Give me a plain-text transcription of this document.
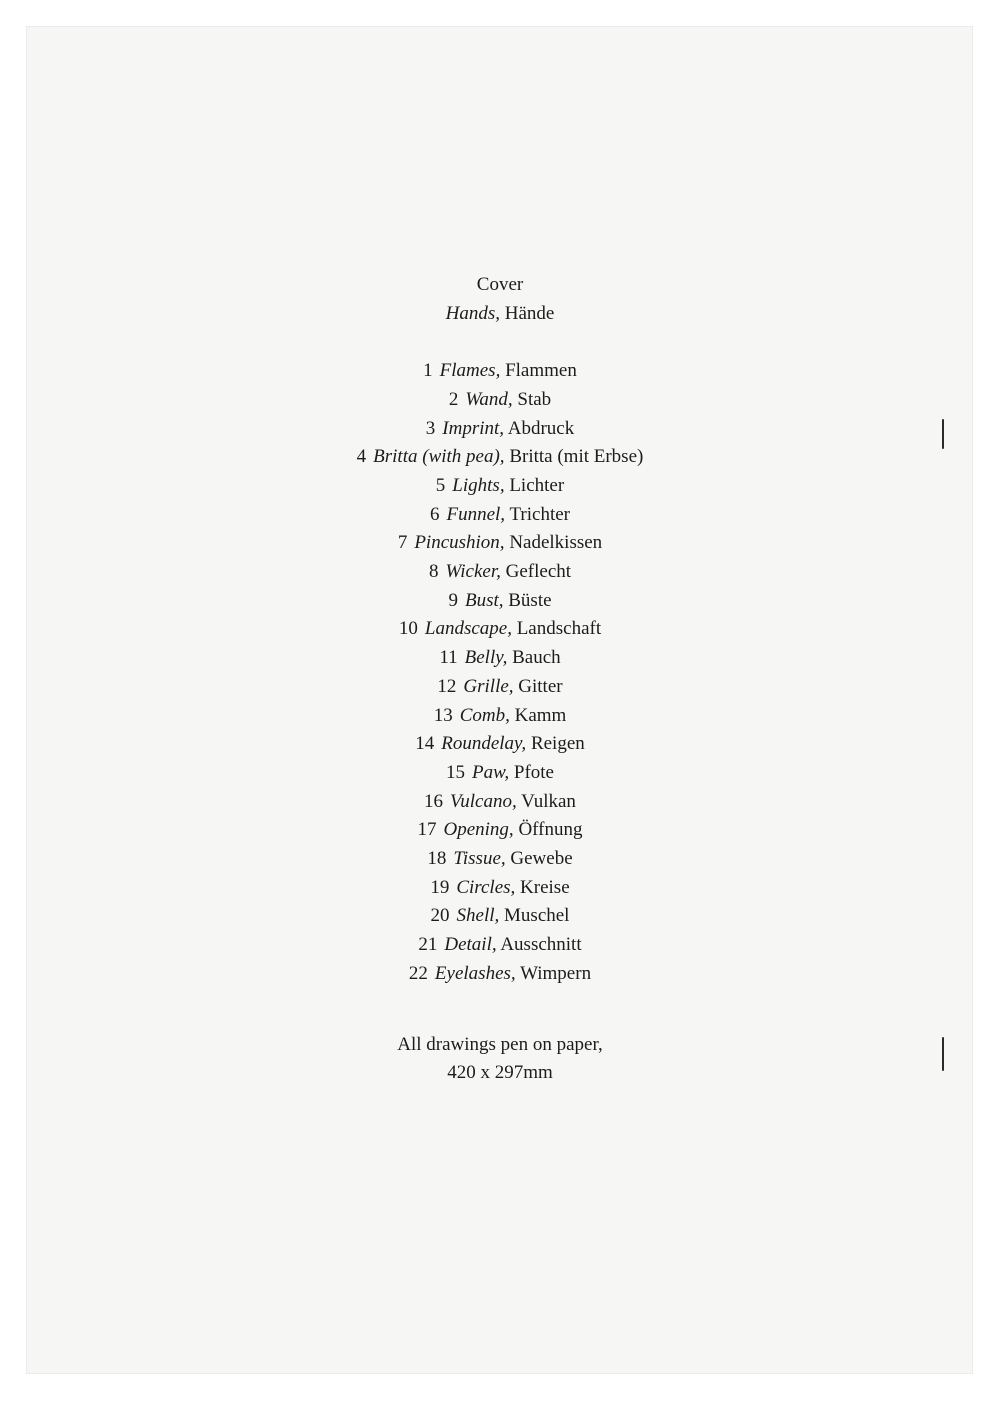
Cover
Hands, Hände
1 Flames, Flammen
2 Wand, Stab
3 Imprint, Abdruck
4 Britta (with pea), Britta (mit Erbse)
5 Lights, Lichter
6 Funnel, Trichter
7 Pincushion, Nadelkissen
8 Wicker, Geflecht
9 Bust, Büste
10 Landscape, Landschaft
11 Belly, Bauch
12 Grille, Gitter
13 Comb, Kamm
14 Roundelay, Reigen
15 Paw, Pfote
16 Vulcano, Vulkan
17 Opening, Öffnung
18 Tissue, Gewebe
19 Circles, Kreise
20 Shell, Muschel
21 Detail, Ausschnitt
22 Eyelashes, Wimpern
All drawings pen on paper,
420 x 297mm
